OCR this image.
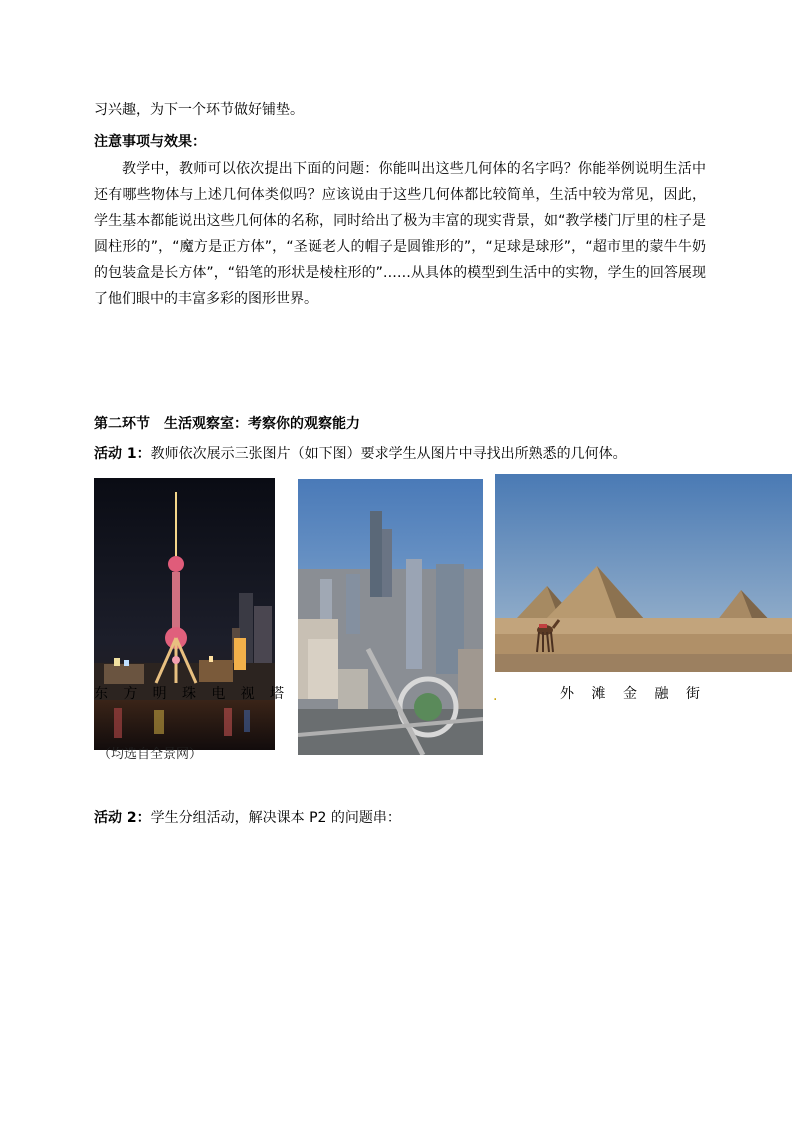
习兴趣，为下一个环节做好铺垫。
注意事项与效果：
教学中，教师可以依次提出下面的问题：你能叫出这些几何体的名字吗？你能举例说明生活中还有哪些物体与上述几何体类似吗？应该说由于这些几何体都比较简单，生活中较为常见，因此，学生基本都能说出这些几何体的名称，同时给出了极为丰富的现实背景，如“教学楼门厅里的柱子是圆柱形的”，“魔方是正方体”，“圣诞老人的帽子是圆锥形的”，“足球是球形”，“超市里的蒙牛牛奶的包装盒是长方体”，“铅笔的形状是棱柱形的”……从具体的模型到生活中的实物，学生的回答展现了他们眼中的丰富多彩的图形世界。
第二环节　生活观察室：考察你的观察能力
活动 1：教师依次展示三张图片（如下图）要求学生从图片中寻找出所熟悉的几何体。
东 方 明 珠 电 视 塔	.	外 滩 金 融 街
（均选自全景网）
活动 2：学生分组活动，解决课本 P2 的问题串：
